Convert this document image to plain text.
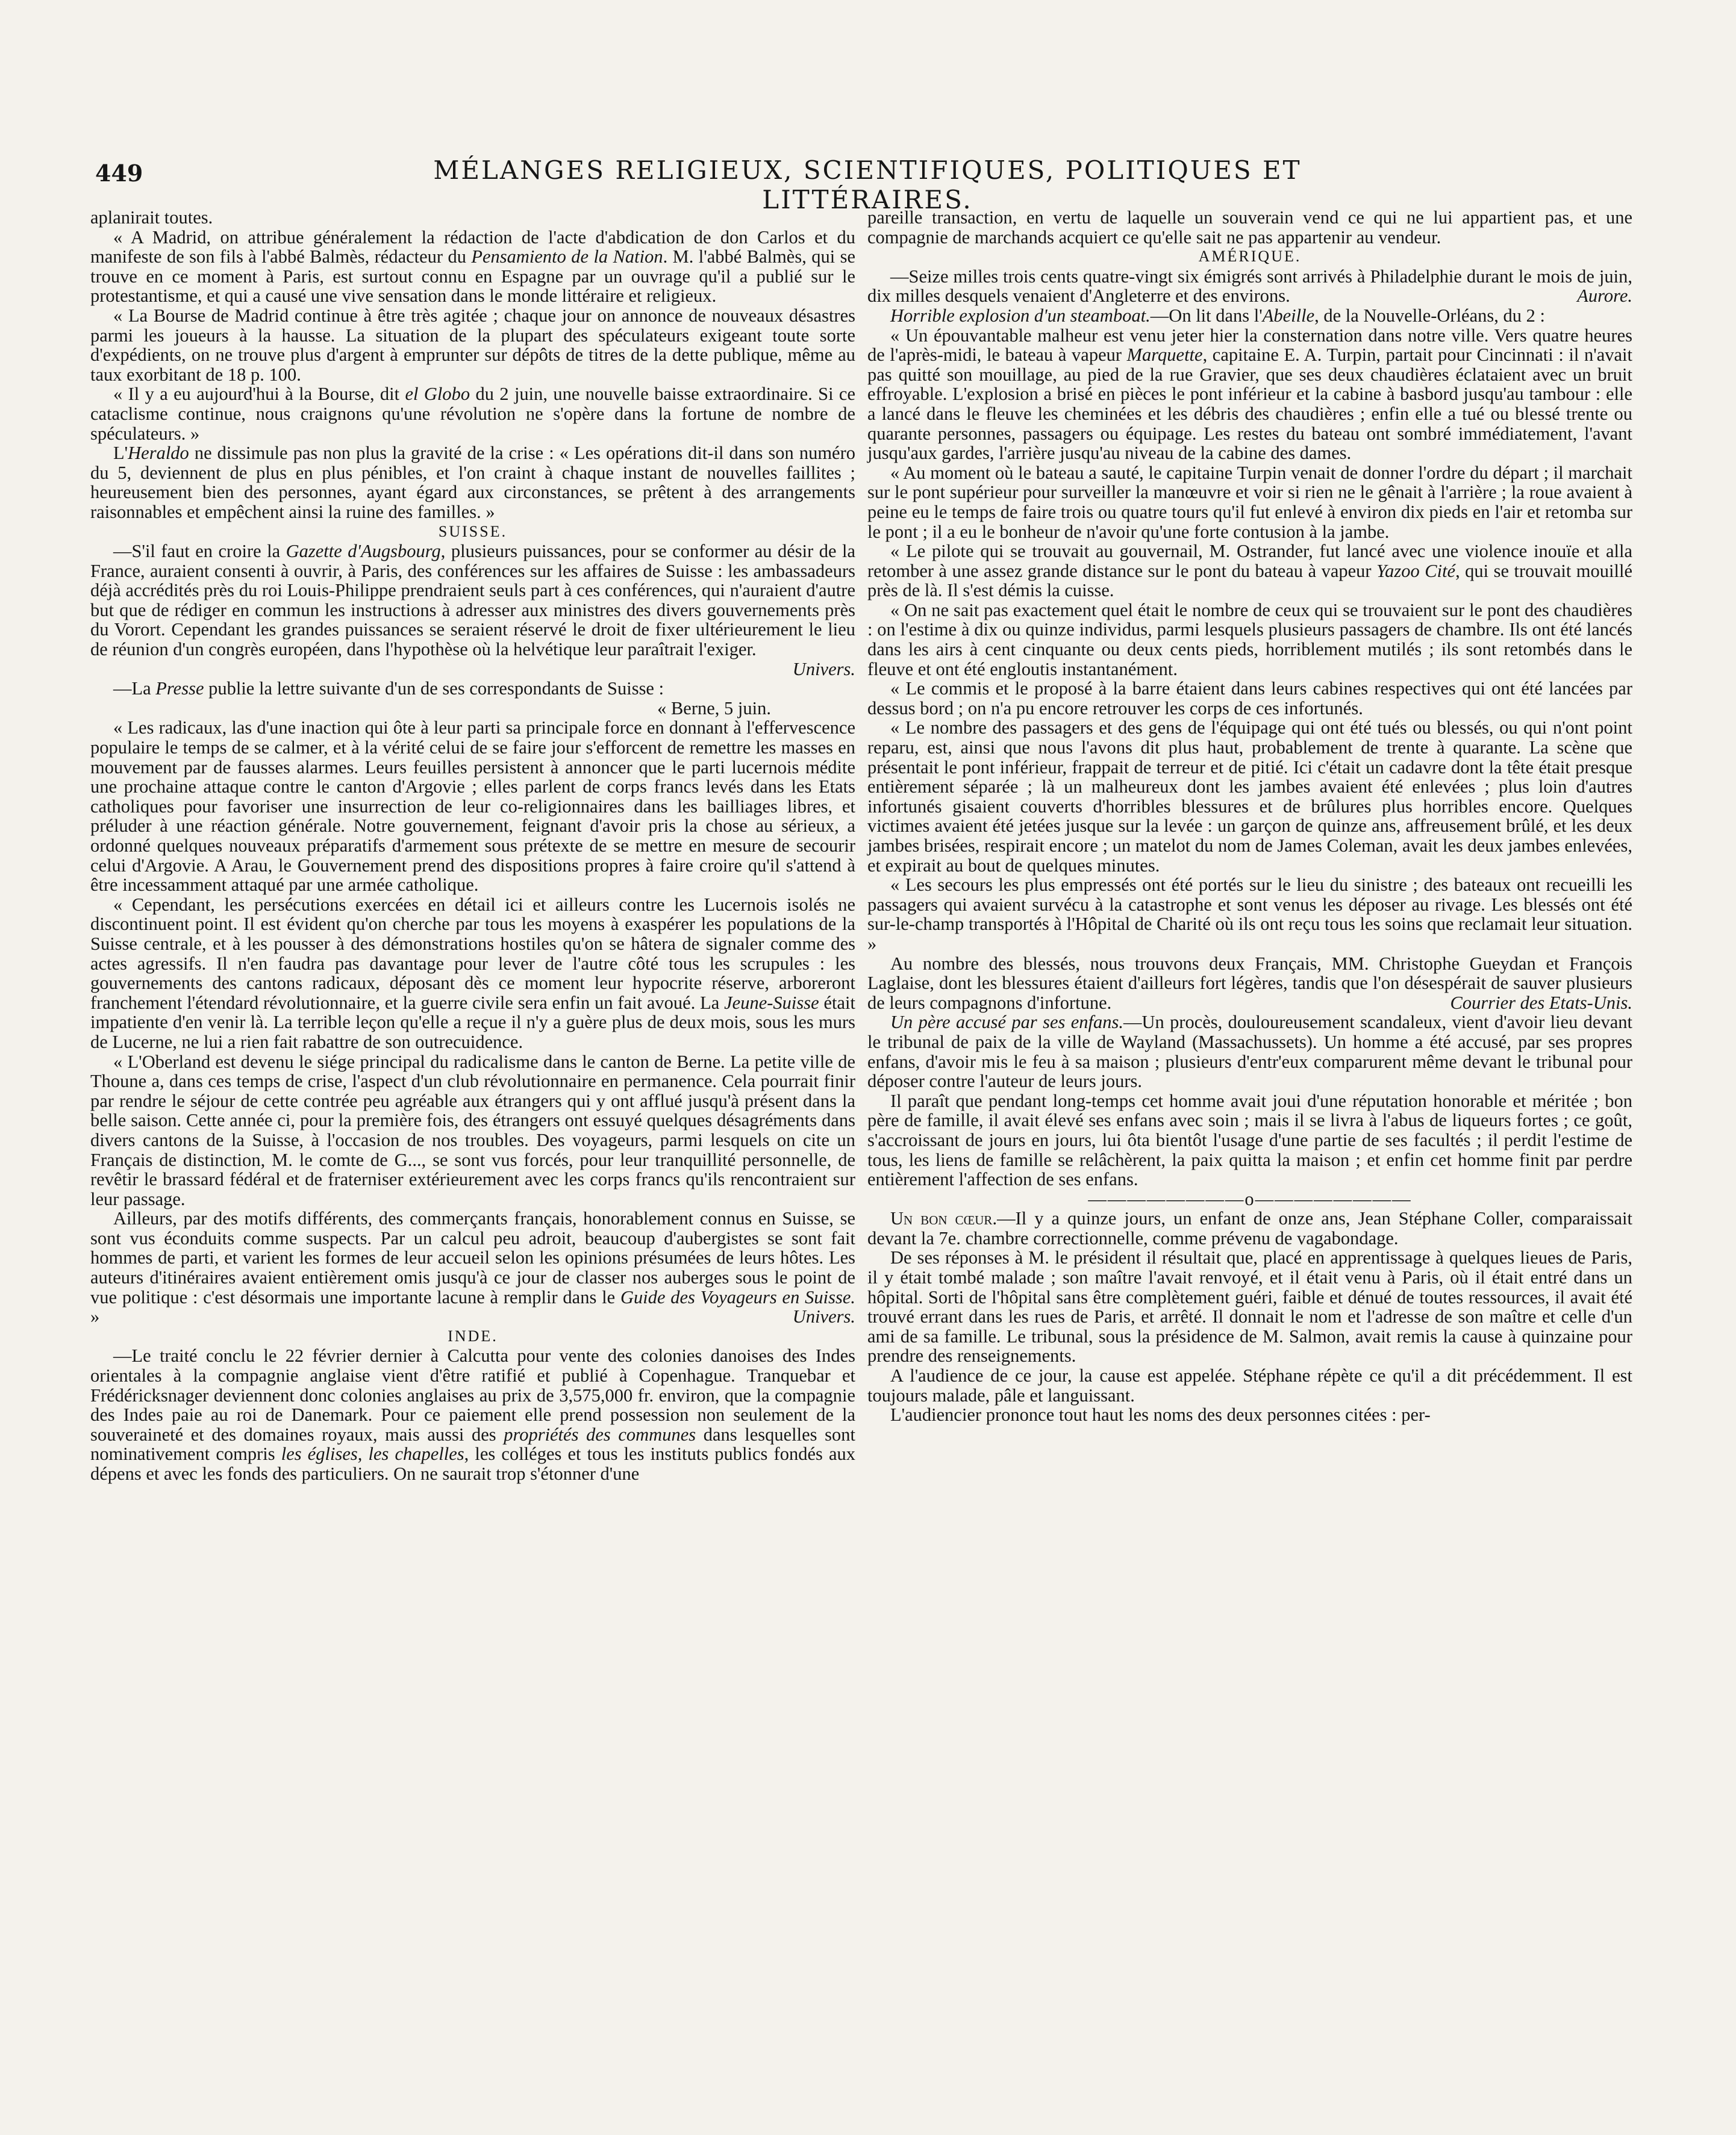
449	MÉLANGES RELIGIEUX, SCIENTIFIQUES, POLITIQUES ET LITTÉRAIRES.

aplanirait toutes.

« A Madrid, on attribue généralement la rédaction de l'acte d'abdication de don Carlos et du manifeste de son fils à l'abbé Balmès, rédacteur du Pensamiento de la Nation. M. l'abbé Balmès, qui se trouve en ce moment à Paris, est surtout connu en Espagne par un ouvrage qu'il a publié sur le protestantisme, et qui a causé une vive sensation dans le monde littéraire et religieux.

« La Bourse de Madrid continue à être très agitée ; chaque jour on annonce de nouveaux désastres parmi les joueurs à la hausse. La situation de la plupart des spéculateurs exigeant toute sorte d'expédients, on ne trouve plus d'argent à emprunter sur dépôts de titres de la dette publique, même au taux exorbitant de 18 p. 100.

« Il y a eu aujourd'hui à la Bourse, dit el Globo du 2 juin, une nouvelle baisse extraordinaire. Si ce cataclisme continue, nous craignons qu'une révolution ne s'opère dans la fortune de nombre de spéculateurs. »

L'Heraldo ne dissimule pas non plus la gravité de la crise : « Les opérations dit-il dans son numéro du 5, deviennent de plus en plus pénibles, et l'on craint à chaque instant de nouvelles faillites ; heureusement bien des personnes, ayant égard aux circonstances, se prêtent à des arrangements raisonnables et empêchent ainsi la ruine des familles. »

SUISSE.

—S'il faut en croire la Gazette d'Augsbourg, plusieurs puissances, pour se conformer au désir de la France, auraient consenti à ouvrir, à Paris, des conférences sur les affaires de Suisse : les ambassadeurs déjà accrédités près du roi Louis-Philippe prendraient seuls part à ces conférences, qui n'auraient d'autre but que de rédiger en commun les instructions à adresser aux ministres des divers gouvernements près du Vorort. Cependant les grandes puissances se seraient réservé le droit de fixer ultérieurement le lieu de réunion d'un congrès européen, dans l'hypothèse où la helvétique leur paraîtrait l'exiger.

Univers.

—La Presse publie la lettre suivante d'un de ses correspondants de Suisse :

« Berne, 5 juin.

« Les radicaux, las d'une inaction qui ôte à leur parti sa principale force en donnant à l'effervescence populaire le temps de se calmer, et à la vérité celui de se faire jour s'efforcent de remettre les masses en mouvement par de fausses alarmes. Leurs feuilles persistent à annoncer que le parti lucernois médite une prochaine attaque contre le canton d'Argovie ; elles parlent de corps francs levés dans les Etats catholiques pour favoriser une insurrection de leur co-religionnaires dans les bailliages libres, et préluder à une réaction générale. Notre gouvernement, feignant d'avoir pris la chose au sérieux, a ordonné quelques nouveaux préparatifs d'armement sous prétexte de se mettre en mesure de secourir celui d'Argovie. A Arau, le Gouvernement prend des dispositions propres à faire croire qu'il s'attend à être incessamment attaqué par une armée catholique.

« Cependant, les persécutions exercées en détail ici et ailleurs contre les Lucernois isolés ne discontinuent point. Il est évident qu'on cherche par tous les moyens à exaspérer les populations de la Suisse centrale, et à les pousser à des démonstrations hostiles qu'on se hâtera de signaler comme des actes agressifs. Il n'en faudra pas davantage pour lever de l'autre côté tous les scrupules : les gouvernements des cantons radicaux, déposant dès ce moment leur hypocrite réserve, arboreront franchement l'étendard révolutionnaire, et la guerre civile sera enfin un fait avoué. La Jeune-Suisse était impatiente d'en venir là. La terrible leçon qu'elle a reçue il n'y a guère plus de deux mois, sous les murs de Lucerne, ne lui a rien fait rabattre de son outrecuidence.

« L'Oberland est devenu le siége principal du radicalisme dans le canton de Berne. La petite ville de Thoune a, dans ces temps de crise, l'aspect d'un club révolutionnaire en permanence. Cela pourrait finir par rendre le séjour de cette contrée peu agréable aux étrangers qui y ont afflué jusqu'à présent dans la belle saison. Cette année ci, pour la première fois, des étrangers ont essuyé quelques désagréments dans divers cantons de la Suisse, à l'occasion de nos troubles. Des voyageurs, parmi lesquels on cite un Français de distinction, M. le comte de G..., se sont vus forcés, pour leur tranquillité personnelle, de revêtir le brassard fédéral et de fraterniser extérieurement avec les corps francs qu'ils rencontraient sur leur passage.

Ailleurs, par des motifs différents, des commerçants français, honorablement connus en Suisse, se sont vus éconduits comme suspects. Par un calcul peu adroit, beaucoup d'aubergistes se sont fait hommes de parti, et varient les formes de leur accueil selon les opinions présumées de leurs hôtes. Les auteurs d'itinéraires avaient entièrement omis jusqu'à ce jour de classer nos auberges sous le point de vue politique : c'est désormais une importante lacune à remplir dans le Guide des Voyageurs en Suisse. »	Univers.

INDE.

—Le traité conclu le 22 février dernier à Calcutta pour vente des colonies danoises des Indes orientales à la compagnie anglaise vient d'être ratifié et publié à Copenhague. Tranquebar et Frédéricksnager deviennent donc colonies anglaises au prix de 3,575,000 fr. environ, que la compagnie des Indes paie au roi de Danemark. Pour ce paiement elle prend possession non seulement de la souveraineté et des domaines royaux, mais aussi des propriétés des communes dans lesquelles sont nominativement compris les églises, les chapelles, les colléges et tous les instituts publics fondés aux dépens et avec les fonds des particuliers. On ne saurait trop s'étonner d'une

pareille transaction, en vertu de laquelle un souverain vend ce qui ne lui appartient pas, et une compagnie de marchands acquiert ce qu'elle sait ne pas appartenir au vendeur.

AMÉRIQUE.

—Seize milles trois cents quatre-vingt six émigrés sont arrivés à Philadelphie durant le mois de juin, dix milles desquels venaient d'Angleterre et des environs.	Aurore.

Horrible explosion d'un steamboat.—On lit dans l'Abeille, de la Nouvelle-Orléans, du 2 :

« Un épouvantable malheur est venu jeter hier la consternation dans notre ville. Vers quatre heures de l'après-midi, le bateau à vapeur Marquette, capitaine E. A. Turpin, partait pour Cincinnati : il n'avait pas quitté son mouillage, au pied de la rue Gravier, que ses deux chaudières éclataient avec un bruit effroyable. L'explosion a brisé en pièces le pont inférieur et la cabine à basbord jusqu'au tambour : elle a lancé dans le fleuve les cheminées et les débris des chaudières ; enfin elle a tué ou blessé trente ou quarante personnes, passagers ou équipage. Les restes du bateau ont sombré immédiatement, l'avant jusqu'aux gardes, l'arrière jusqu'au niveau de la cabine des dames.

« Au moment où le bateau a sauté, le capitaine Turpin venait de donner l'ordre du départ ; il marchait sur le pont supérieur pour surveiller la manœuvre et voir si rien ne le gênait à l'arrière ; la roue avaient à peine eu le temps de faire trois ou quatre tours qu'il fut enlevé à environ dix pieds en l'air et retomba sur le pont ; il a eu le bonheur de n'avoir qu'une forte contusion à la jambe.

« Le pilote qui se trouvait au gouvernail, M. Ostrander, fut lancé avec une violence inouïe et alla retomber à une assez grande distance sur le pont du bateau à vapeur Yazoo Cité, qui se trouvait mouillé près de là. Il s'est démis la cuisse.

« On ne sait pas exactement quel était le nombre de ceux qui se trouvaient sur le pont des chaudières : on l'estime à dix ou quinze individus, parmi lesquels plusieurs passagers de chambre. Ils ont été lancés dans les airs à cent cinquante ou deux cents pieds, horriblement mutilés ; ils sont retombés dans le fleuve et ont été engloutis instantanément.

« Le commis et le proposé à la barre étaient dans leurs cabines respectives qui ont été lancées par dessus bord ; on n'a pu encore retrouver les corps de ces infortunés.

« Le nombre des passagers et des gens de l'équipage qui ont été tués ou blessés, ou qui n'ont point reparu, est, ainsi que nous l'avons dit plus haut, probablement de trente à quarante. La scène que présentait le pont inférieur, frappait de terreur et de pitié. Ici c'était un cadavre dont la tête était presque entièrement séparée ; là un malheureux dont les jambes avaient été enlevées ; plus loin d'autres infortunés gisaient couverts d'horribles blessures et de brûlures plus horribles encore. Quelques victimes avaient été jetées jusque sur la levée : un garçon de quinze ans, affreusement brûlé, et les deux jambes brisées, respirait encore ; un matelot du nom de James Coleman, avait les deux jambes enlevées, et expirait au bout de quelques minutes.

« Les secours les plus empressés ont été portés sur le lieu du sinistre ; des bateaux ont recueilli les passagers qui avaient survécu à la catastrophe et sont venus les déposer au rivage. Les blessés ont été sur-le-champ transportés à l'Hôpital de Charité où ils ont reçu tous les soins que reclamait leur situation. »

Au nombre des blessés, nous trouvons deux Français, MM. Christophe Gueydan et François Laglaise, dont les blessures étaient d'ailleurs fort légères, tandis que l'on désespérait de sauver plusieurs de leurs compagnons d'infortune.	Courrier des Etats-Unis.

Un père accusé par ses enfans.—Un procès, douloureusement scandaleux, vient d'avoir lieu devant le tribunal de paix de la ville de Wayland (Massachussets). Un homme a été accusé, par ses propres enfans, d'avoir mis le feu à sa maison ; plusieurs d'entr'eux comparurent même devant le tribunal pour déposer contre l'auteur de leurs jours.

Il paraît que pendant long-temps cet homme avait joui d'une réputation honorable et méritée ; bon père de famille, il avait élevé ses enfans avec soin ; mais il se livra à l'abus de liqueurs fortes ; ce goût, s'accroissant de jours en jours, lui ôta bientôt l'usage d'une partie de ses facultés ; il perdit l'estime de tous, les liens de famille se relâchèrent, la paix quitta la maison ; et enfin cet homme finit par perdre entièrement l'affection de ses enfans.

————————o————————

Un bon cœur.—Il y a quinze jours, un enfant de onze ans, Jean Stéphane Coller, comparaissait devant la 7e. chambre correctionnelle, comme prévenu de vagabondage.

De ses réponses à M. le président il résultait que, placé en apprentissage à quelques lieues de Paris, il y était tombé malade ; son maître l'avait renvoyé, et il était venu à Paris, où il était entré dans un hôpital. Sorti de l'hôpital sans être complètement guéri, faible et dénué de toutes ressources, il avait été trouvé errant dans les rues de Paris, et arrêté. Il donnait le nom et l'adresse de son maître et celle d'un ami de sa famille. Le tribunal, sous la présidence de M. Salmon, avait remis la cause à quinzaine pour prendre des renseignements.

A l'audience de ce jour, la cause est appelée. Stéphane répète ce qu'il a dit précédemment. Il est toujours malade, pâle et languissant.

L'audiencier prononce tout haut les noms des deux personnes citées : per-
